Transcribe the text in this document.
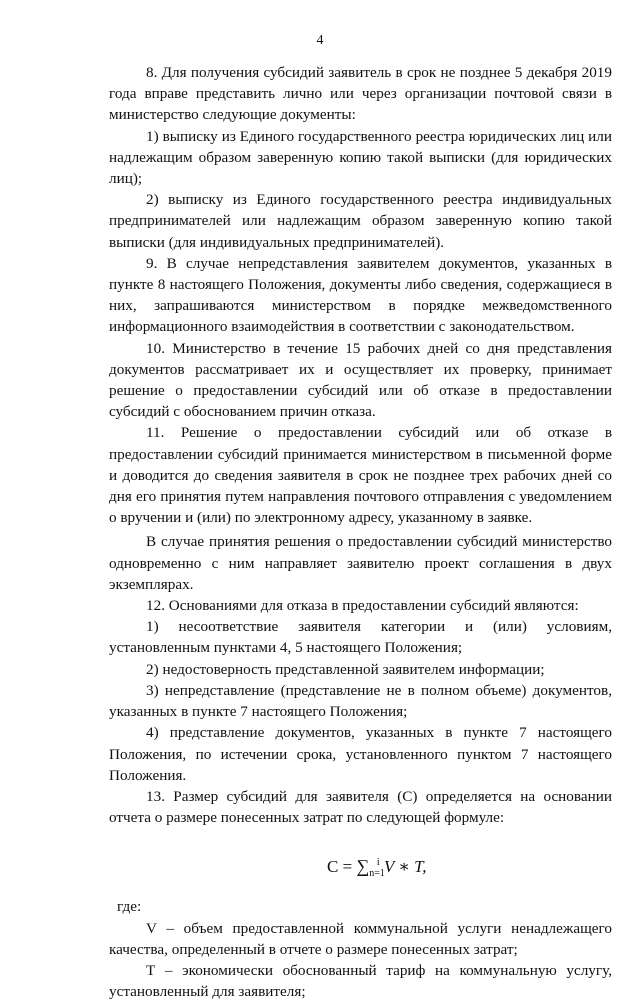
4

8. Для получения субсидий заявитель в срок не позднее 5 декабря 2019 года вправе представить лично или через организации почтовой связи в министерство следующие документы:

1) выписку из Единого государственного реестра юридических лиц или надлежащим образом заверенную копию такой выписки (для юридических лиц);

2) выписку из Единого государственного реестра индивидуальных предпринимателей или надлежащим образом заверенную копию такой выписки (для индивидуальных предпринимателей).

9. В случае непредставления заявителем документов, указанных в пункте 8 настоящего Положения, документы либо сведения, содержащиеся в них, запрашиваются министерством в порядке межведомственного информационного взаимодействия в соответствии с законодательством.

10. Министерство в течение 15 рабочих дней со дня представления документов рассматривает их и осуществляет их проверку, принимает решение о предоставлении субсидий или об отказе в предоставлении субсидий с обоснованием причин отказа.

11. Решение о предоставлении субсидий или об отказе в предоставлении субсидий принимается министерством в письменной форме и доводится до сведения заявителя в срок не позднее трех рабочих дней со дня его принятия путем направления почтового отправления с уведомлением о вручении и (или) по электронному адресу, указанному в заявке.

В случае принятия решения о предоставлении субсидий министерство одновременно с ним направляет заявителю проект соглашения в двух экземплярах.

12. Основаниями для отказа в предоставлении субсидий являются:

1) несоответствие заявителя категории и (или) условиям, установленным пунктами 4, 5 настоящего Положения;

2) недостоверность представленной заявителем информации;

3) непредставление (представление не в полном объеме) документов, указанных в пункте 7 настоящего Положения;

4) представление документов, указанных в пункте 7 настоящего Положения, по истечении срока, установленного пунктом 7 настоящего Положения.

13. Размер субсидий для заявителя (С) определяется на основании отчета о размере понесенных затрат по следующей формуле:

$С = \sum_{n=1}^i$ V ∗ T,

где:

V – объем предоставленной коммунальной услуги ненадлежащего качества, определенный в отчете о размере понесенных затрат;

Т – экономически обоснованный тариф на коммунальную услугу, установленный для заявителя;
